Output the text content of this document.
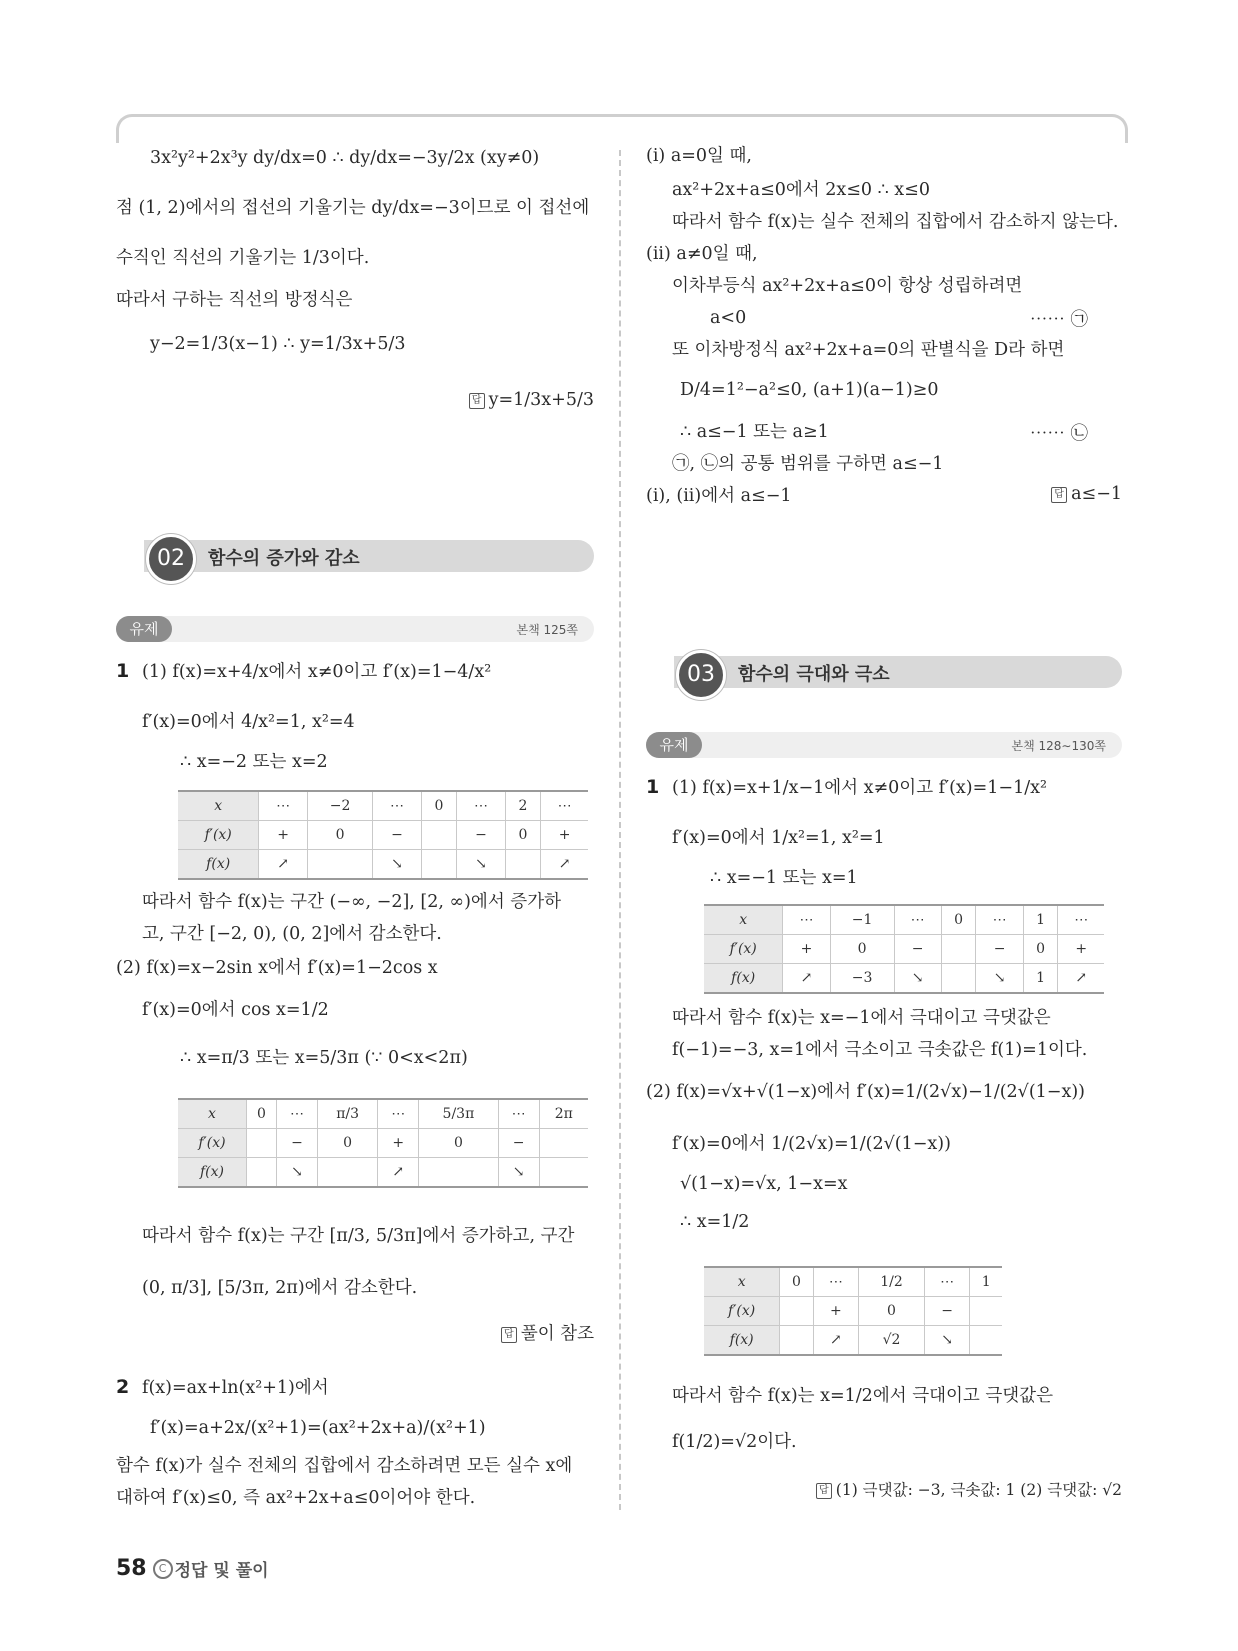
3x²y²+2x³y dy/dx=0 ∴ dy/dx=−3y/2x (xy≠0)
점 (1, 2)에서의 접선의 기울기는 dy/dx=−3이므로 이 접선에
수직인 직선의 기울기는 1/3이다.
따라서 구하는 직선의 방정식은
y−2=1/3(x−1) ∴ y=1/3x+5/3
답 y=1/3x+5/3
02	함수의 증가와 감소
유제	본책 125쪽
1 (1) f(x)=x+4/x에서 x≠0이고 f′(x)=1−4/x²
f′(x)=0에서 4/x²=1, x²=4
∴ x=−2 또는 x=2
x	⋯	−2	⋯	0	⋯	2	⋯
f′(x)	+	0	−		−	0	+
f(x)	↗		↘		↘		↗
따라서 함수 f(x)는 구간 (−∞, −2], [2, ∞)에서 증가하
고, 구간 [−2, 0), (0, 2]에서 감소한다.
(2) f(x)=x−2sin x에서 f′(x)=1−2cos x
f′(x)=0에서 cos x=1/2
∴ x=π/3 또는 x=5/3π (∵ 0<x<2π)
x	0	⋯	π/3	⋯	5/3π	⋯	2π
f′(x)		−	0	+	0	−	
f(x)		↘		↗		↘	
따라서 함수 f(x)는 구간 [π/3, 5/3π]에서 증가하고, 구간
(0, π/3], [5/3π, 2π)에서 감소한다.
답 풀이 참조
2 f(x)=ax+ln(x²+1)에서
f′(x)=a+2x/(x²+1)=(ax²+2x+a)/(x²+1)
함수 f(x)가 실수 전체의 집합에서 감소하려면 모든 실수 x에
대하여 f′(x)≤0, 즉 ax²+2x+a≤0이어야 한다.
(i) a=0일 때,
ax²+2x+a≤0에서 2x≤0 ∴ x≤0
따라서 함수 f(x)는 실수 전체의 집합에서 감소하지 않는다.
(ii) a≠0일 때,
이차부등식 ax²+2x+a≤0이 항상 성립하려면
a<0	⋯⋯ ㉠
또 이차방정식 ax²+2x+a=0의 판별식을 D라 하면
D/4=1²−a²≤0, (a+1)(a−1)≥0
∴ a≤−1 또는 a≥1	⋯⋯ ㉡
㉠, ㉡의 공통 범위를 구하면 a≤−1
(i), (ii)에서 a≤−1	답 a≤−1
03	함수의 극대와 극소
유제	본책 128∼130쪽
1 (1) f(x)=x+1/x−1에서 x≠0이고 f′(x)=1−1/x²
f′(x)=0에서 1/x²=1, x²=1
∴ x=−1 또는 x=1
x	⋯	−1	⋯	0	⋯	1	⋯
f′(x)	+	0	−		−	0	+
f(x)	↗	−3	↘		↘	1	↗
따라서 함수 f(x)는 x=−1에서 극대이고 극댓값은
f(−1)=−3, x=1에서 극소이고 극솟값은 f(1)=1이다.
(2) f(x)=√x+√(1−x)에서 f′(x)=1/(2√x)−1/(2√(1−x))
f′(x)=0에서 1/(2√x)=1/(2√(1−x))
√(1−x)=√x, 1−x=x
∴ x=1/2
x	0	⋯	1/2	⋯	1
f′(x)		+	0	−	
f(x)		↗	√2	↘	
따라서 함수 f(x)는 x=1/2에서 극대이고 극댓값은
f(1/2)=√2이다.
답 (1) 극댓값: −3, 극솟값: 1 (2) 극댓값: √2
58 C 정답 및 풀이
